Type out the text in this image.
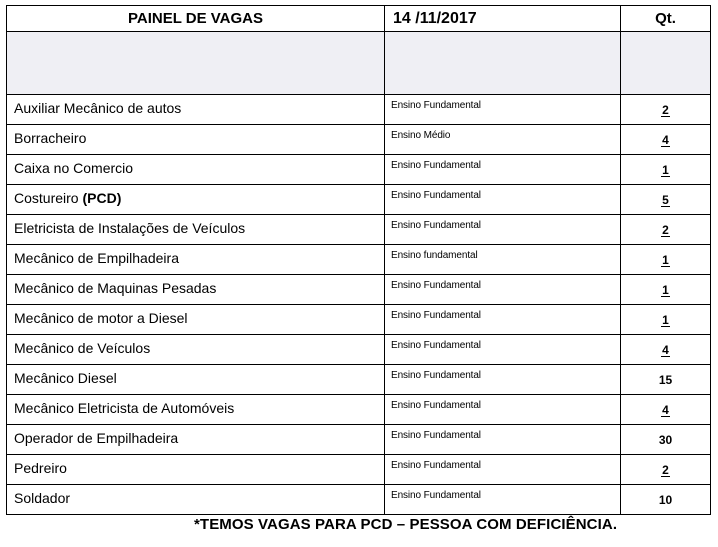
PAINEL DE VAGAS	14 /11/2017	Qt.

Auxiliar Mecânico de autos	Ensino Fundamental	2
Borracheiro	Ensino Médio	4
Caixa no Comercio	Ensino Fundamental	1
Costureiro (PCD)	Ensino Fundamental	5
Eletricista de Instalações de Veículos	Ensino Fundamental	2
Mecânico de Empilhadeira	Ensino fundamental	1
Mecânico de Maquinas Pesadas	Ensino Fundamental	1
Mecânico de motor a Diesel	Ensino Fundamental	1
Mecânico de Veículos	Ensino Fundamental	4
Mecânico Diesel	Ensino Fundamental	15
Mecânico Eletricista de Automóveis	Ensino Fundamental	4
Operador de Empilhadeira	Ensino Fundamental	30
Pedreiro	Ensino Fundamental	2
Soldador	Ensino Fundamental	10
*TEMOS VAGAS PARA PCD – PESSOA COM DEFICIÊNCIA.
